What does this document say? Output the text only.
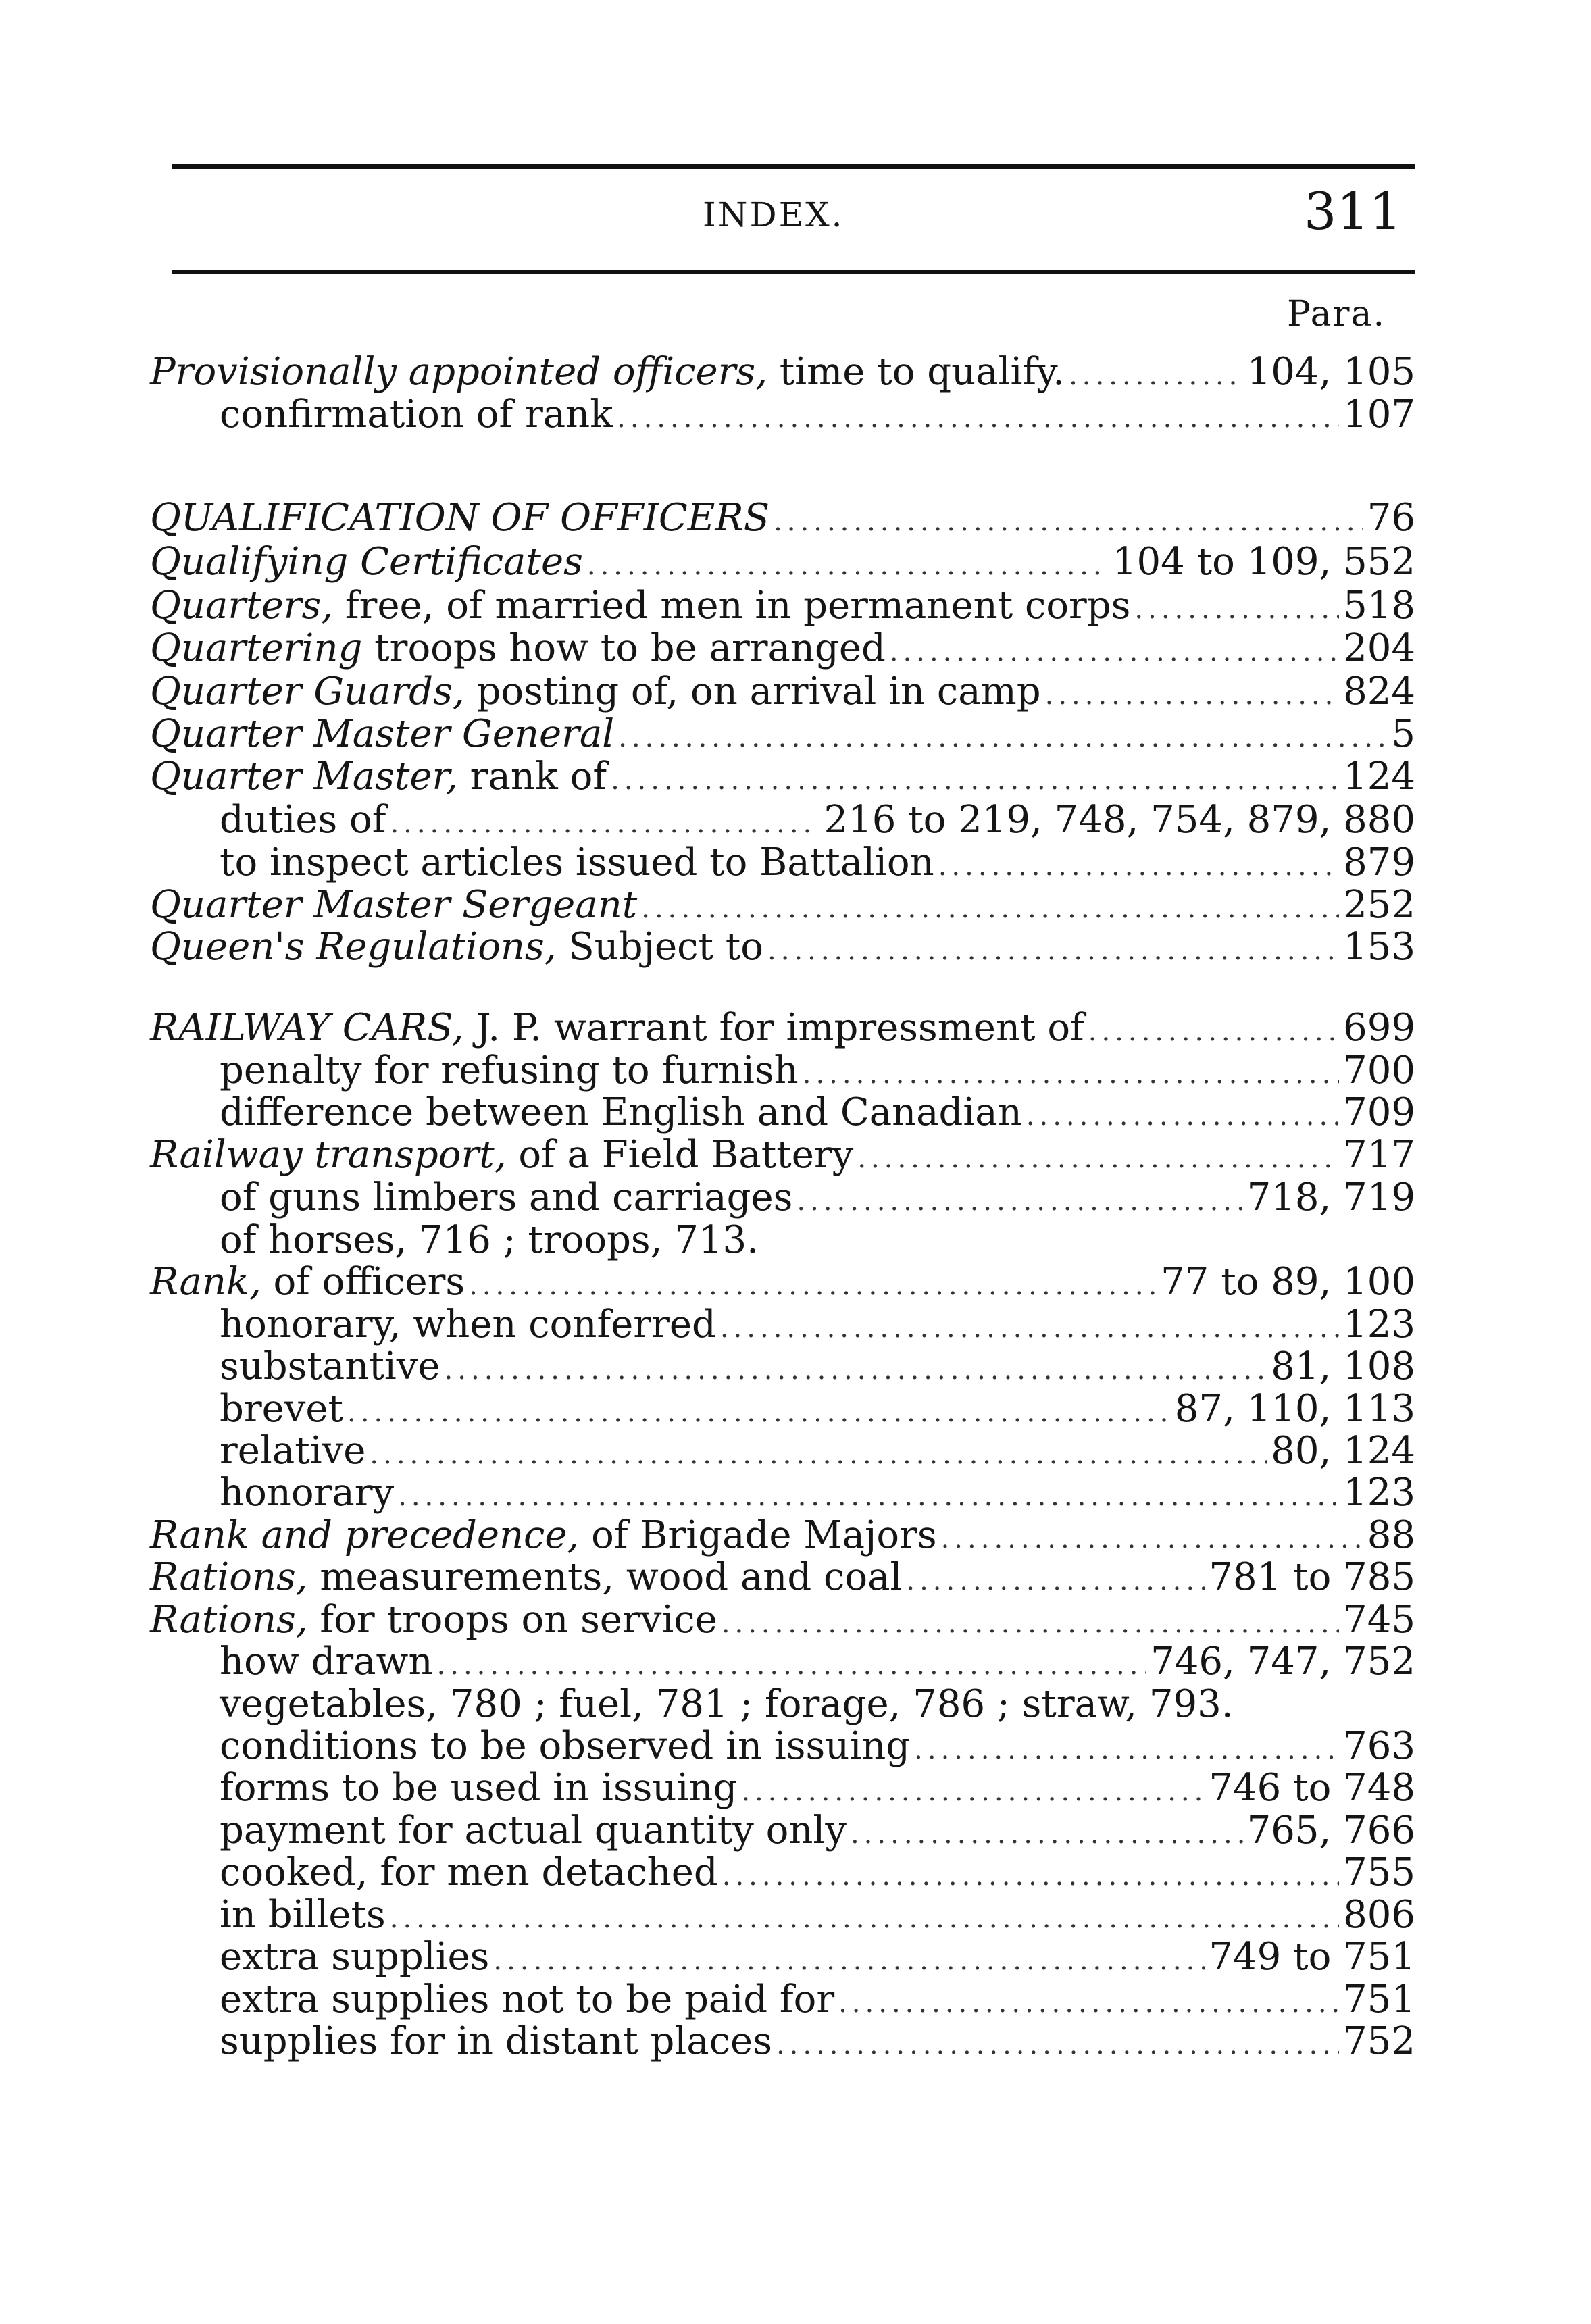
INDEX.	311
Para.
Provisionally appointed officers, time to qualify. .....	104, 105
confirmation of rank .....	107
QUALIFICATION OF OFFICERS .....	76
Qualifying Certificates .....	104 to 109, 552
Quarters, free, of married men in permanent corps .....	518
Quartering troops how to be arranged .....	204
Quarter Guards, posting of, on arrival in camp .....	824
Quarter Master General .....	5
Quarter Master, rank of .....	124
duties of .....	216 to 219, 748, 754, 879, 880
to inspect articles issued to Battalion .....	879
Quarter Master Sergeant .....	252
Queen's Regulations, Subject to .....	153
RAILWAY CARS, J. P. warrant for impressment of .....	699
penalty for refusing to furnish .....	700
difference between English and Canadian .....	709
Railway transport, of a Field Battery .....	717
of guns limbers and carriages .....	718, 719
of horses, 716 ; troops, 713.
Rank, of officers .....	77 to 89, 100
honorary, when conferred .....	123
substantive .....	81, 108
brevet .....	87, 110, 113
relative .....	80, 124
honorary .....	123
Rank and precedence, of Brigade Majors .....	88
Rations, measurements, wood and coal .....	781 to 785
Rations, for troops on service .....	745
how drawn .....	746, 747, 752
vegetables, 780 ; fuel, 781 ; forage, 786 ; straw, 793.
conditions to be observed in issuing .....	763
forms to be used in issuing .....	746 to 748
payment for actual quantity only .....	765, 766
cooked, for men detached .....	755
in billets .....	806
extra supplies .....	749 to 751
extra supplies not to be paid for .....	751
supplies for in distant places .....	752
